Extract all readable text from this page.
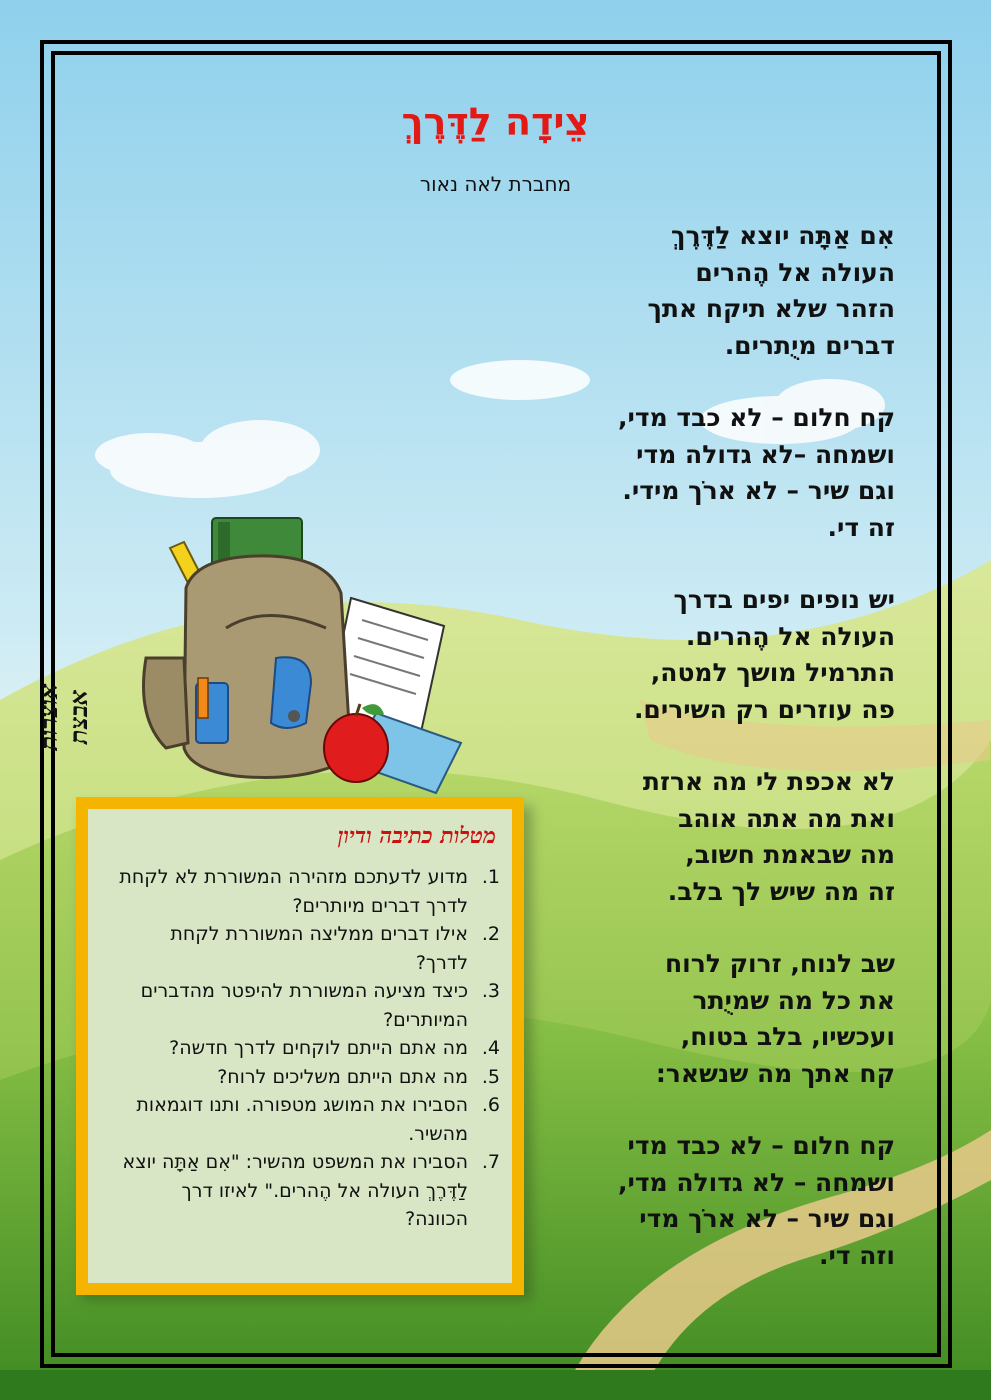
צֵידָה לַדֶּרֶךְ
מחברת לאה נאור
אִם אַתָּה יוצא לַדֶּרֶךְ
העולה אל הֶהרים
הזהר שלא תיקח אתך
דברים מיֻתרים.
קח חלום – לא כבד מדי,
ושמחה –לא גדולה מדי
וגם שיר – לא ארֹך מידי.
זה די.
יש נופים יפים בדרך
העולה אל הֶהרים.
התרמיל מושך למטה,
פה עוזרים רק השירים.
לא אכפת לי מה ארזת
ואת מה אתה אוהב
מה שבאמת חשוב,
זה מה שיש לך בלב.
שב לנוח, זרוק לרוח
את כל מה שמיֻתר
ועכשיו, בלב בטוח,
קח אתך מה שנשאר:
קח חלום – לא כבד מדי
ושמחה – לא גדולה מדי,
וגם שיר – לא ארֹך מדי
וזה די.
אוצרות אבצת
מטלות כתיבה ודיון
1.
מדוע לדעתכם מזהירה המשוררת לא לקחת לדרך דברים מיותרים?
2.
אילו דברים ממליצה המשוררת לקחת לדרך?
3.
כיצד מציעה המשוררת להיפטר מהדברים המיותרים?
4.
מה אתם הייתם לוקחים לדרך חדשה?
5.
מה אתם הייתם משליכים לרוח?
6.
הסבירו את המושג מטפורה. ותנו דוגמאות מהשיר.
7.
הסבירו את המשפט מהשיר: "אִם אַתָּה יוצא לַדֶּרֶךְ העולה אל הֶהרים." לאיזו דרך הכוונה?
